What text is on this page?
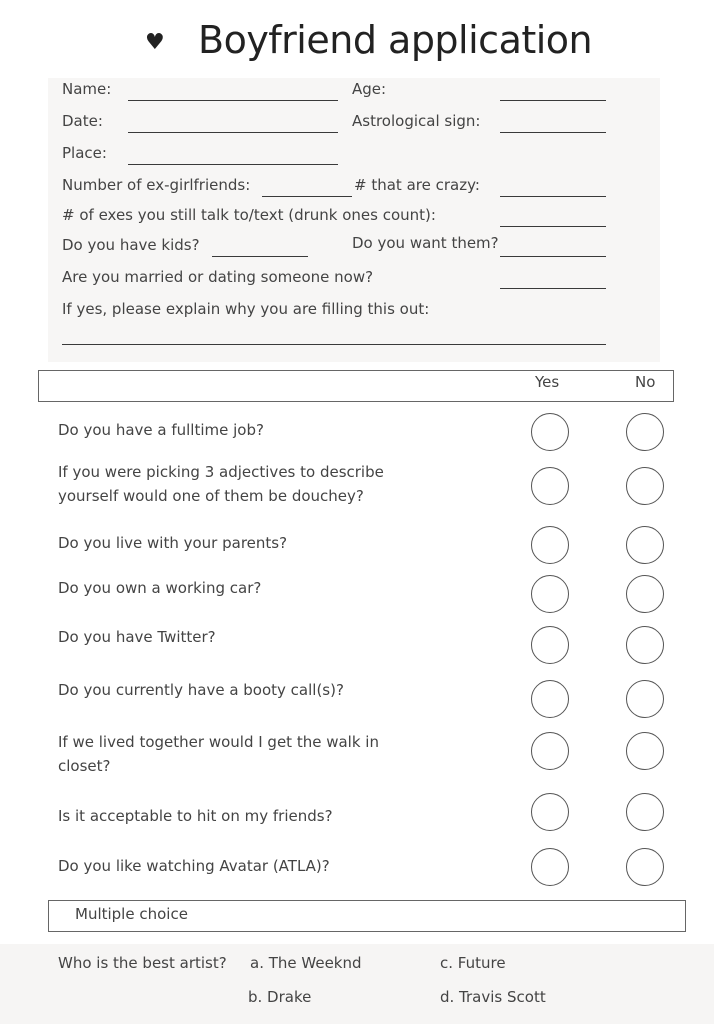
♥ Boyfriend application
Name:	Age:
Date:	Astrological sign:
Place:
Number of ex-girlfriends:	# that are crazy:
# of exes you still talk to/text (drunk ones count):
Do you have kids?	Do you want them?
Are you married or dating someone now?
If yes, please explain why you are filling this out:
Yes	No
Do you have a fulltime job?
If you were picking 3 adjectives to describe yourself would one of them be douchey?
Do you live with your parents?
Do you own a working car?
Do you have Twitter?
Do you currently have a booty call(s)?
If we lived together would I get the walk in closet?
Is it acceptable to hit on my friends?
Do you like watching Avatar (ATLA)?
Multiple choice
Who is the best artist? a. The Weeknd	c. Future
b. Drake	d. Travis Scott
